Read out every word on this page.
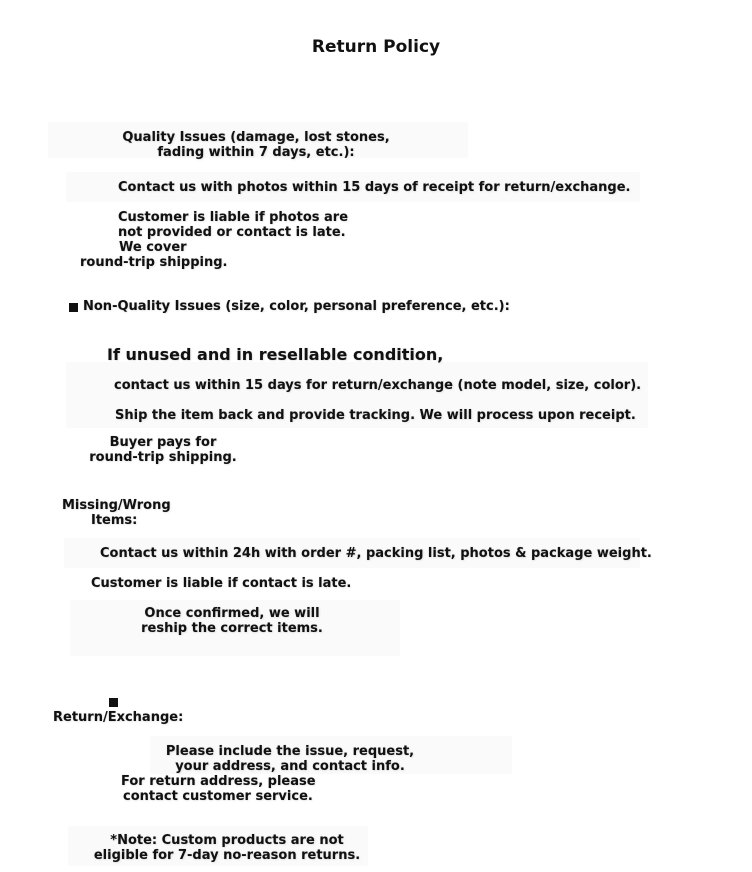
Return Policy

Quality Issues (damage, lost stones,

fading within 7 days, etc.):

Contact us with photos within 15 days of receipt for return/exchange.

Customer is liable if photos are

not provided or contact is late.

We cover

round-trip shipping.

Non-Quality Issues (size, color, personal preference, etc.):

If unused and in resellable condition,

contact us within 15 days for return/exchange (note model, size, color).

Ship the item back and provide tracking. We will process upon receipt.

Buyer pays for

round-trip shipping.

Missing/Wrong

Items:

Contact us within 24h with order #, packing list, photos & package weight.

Customer is liable if contact is late.

Once confirmed, we will

reship the correct items.

Return/Exchange:

Please include the issue, request,

your address, and contact info.

For return address, please

contact customer service.

*Note: Custom products are not

eligible for 7-day no-reason returns.
